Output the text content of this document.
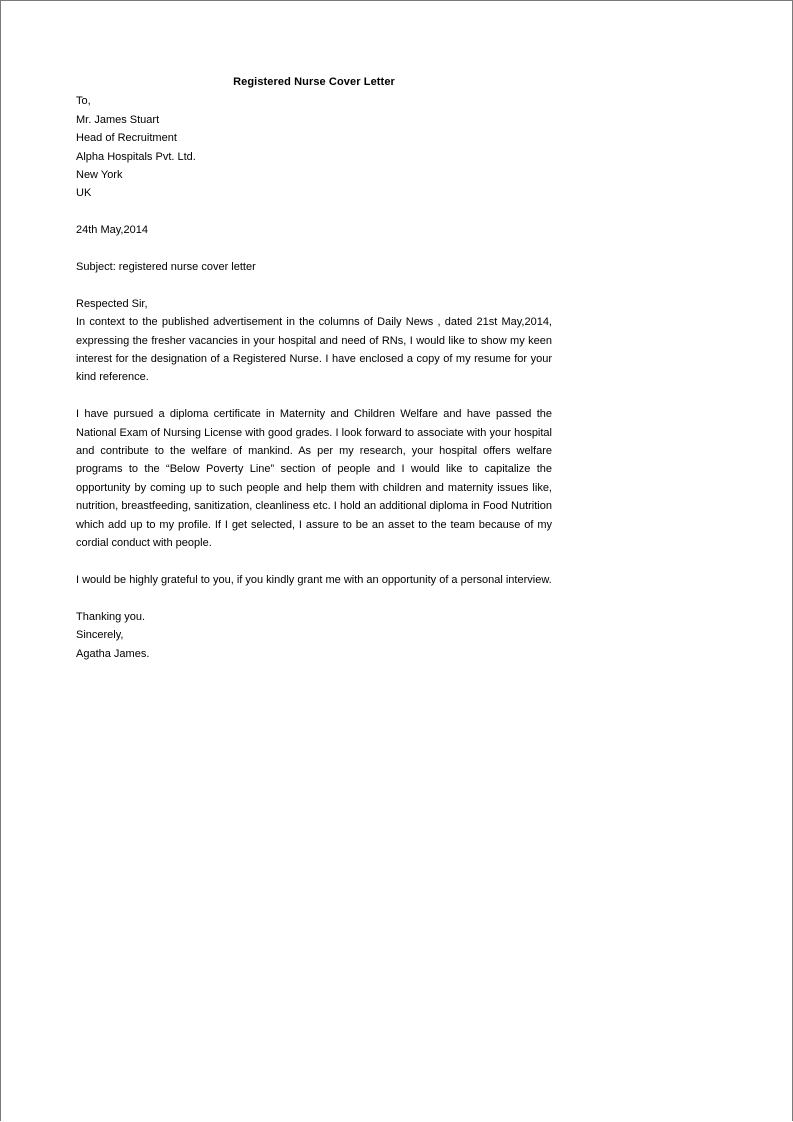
Registered Nurse Cover Letter
To,
Mr. James Stuart
Head of Recruitment
Alpha Hospitals Pvt. Ltd.
New York
UK
24th May,2014
Subject: registered nurse cover letter
Respected Sir,

In context to the published advertisement in the columns of Daily News , dated 21st May,2014, expressing the fresher vacancies in your hospital and need of RNs, I would like to show my keen interest for the designation of a Registered Nurse. I have enclosed a copy of my resume for your kind reference.

I have pursued a diploma certificate in Maternity and Children Welfare and have passed the National Exam of Nursing License with good grades. I look forward to associate with your hospital and contribute to the welfare of mankind. As per my research, your hospital offers welfare programs to the “Below Poverty Line” section of people and I would like to capitalize the opportunity by coming up to such people and help them with children and maternity issues like, nutrition, breastfeeding, sanitization, cleanliness etc. I hold an additional diploma in Food Nutrition which add up to my profile. If I get selected, I assure to be an asset to the team because of my cordial conduct with people.

I would be highly grateful to you, if you kindly grant me with an opportunity of a personal interview.

Thanking you.
Sincerely,
Agatha James.
